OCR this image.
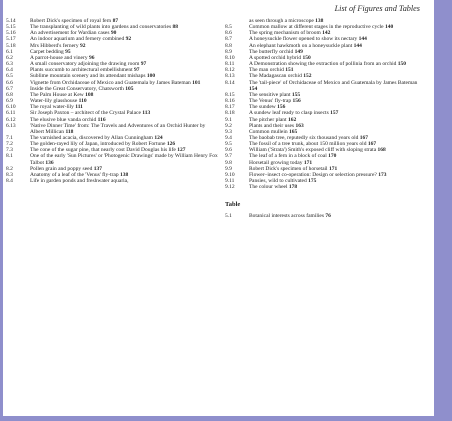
List of Figures and Tables
5.14	Robert Dick's specimen of royal fern 87
5.15	The transplanting of wild plants into gardens and conservatories 88
5.16	An advertisement for Wardian cases 90
5.17	An indoor aquarium and fernery combined 92
5.18	Mrs Hibberd's fernery 92
6.1	Carpet bedding 95
6.2	A parrot-house and vinery 96
6.3	A small conservatory adjoining the drawing room 97
6.4	Plants succumb to architectural embellishment 97
6.5	Sublime mountain scenery and its attendant mishaps 100
6.6	Vignette from Orchidaceae of Mexico and Guatemala by James Bateman 101
6.7	Inside the Great Conservatory, Chatsworth 105
6.8	The Palm House at Kew 108
6.9	Water-lily glasshouse 110
6.10	The royal water-lily 111
6.11	Sir Joseph Paxton – architect of the Crystal Palace 113
6.12	The elusive blue vanda orchid 116
6.13	'Native Dinner Time' from: The Travels and Adventures of an Orchid Hunter by Albert Millican 118
7.1	The varnished acacia, discovered by Allan Cunningham 124
7.2	The golden-rayed lily of Japan, introduced by Robert Fortune 126
7.3	The cone of the sugar pine, that nearly cost David Douglas his life 127
8.1	One of the early 'Sun Pictures' or 'Photogenic Drawings' made by William Henry Fox Talbot 136
8.2	Pollen grain and poppy seed 137
8.3	Anatomy of a leaf of the 'Venus' fly-trap 138
8.4	Life in garden ponds and freshwater aquaria,
as seen through a microscope 138
8.5	Common mallow at different stages in the reproductive cycle 140
8.6	The spring mechanism of broom 142
8.7	A honeysuckle flower opened to show its nectary 144
8.8	An elephant hawkmoth on a honeysuckle plant 144
8.9	The butterfly orchid 149
8.10	A spotted orchid hybrid 150
8.11	A Demonstration showing the extraction of pollinia from an orchid 150
8.12	The man orchid 151
8.13	The Madagascan orchid 152
8.14	The 'tail-piece' of Orchidaceae of Mexico and Guatemala by James Bateman 154
8.15	The sensitive plant 155
8.16	The Venus' fly-trap 156
8.17	The sundew 156
8.18	A sundew leaf ready to clasp insects 157
9.1	The pitcher plant 162
9.2	Plants and their uses 163
9.3	Common mullein 165
9.4	The baobab tree, reputedly six thousand years old 167
9.5	The fossil of a tree trunk, about 150 million years old 167
9.6	William ('Strata') Smith's exposed cliff with sloping strata 168
9.7	The leaf of a fern in a block of coal 170
9.8	Horsetail growing today 171
9.9	Robert Dick's specimen of horsetail 171
9.10	Flower–insect co-operation: Design or selection pressure? 173
9.11	Pansies, wild to cultivated 175
9.12	The colour wheel 178
Table
5.1	Botanical interests across families 76
